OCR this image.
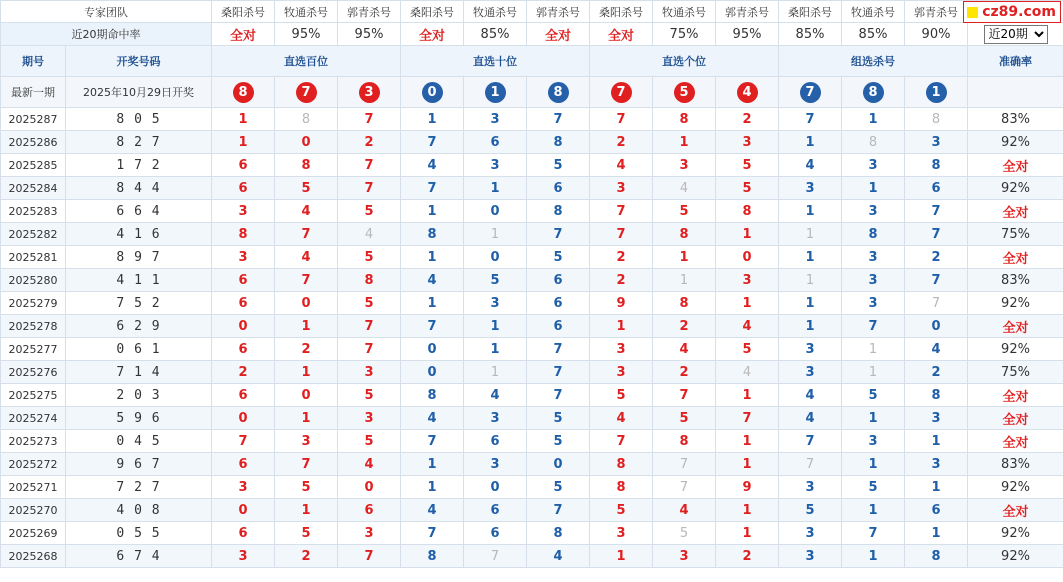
专家团队		桑阳杀号	牧通杀号	郭青杀号	桑阳杀号	牧通杀号	郭青杀号	桑阳杀号	牧通杀号	郭青杀号	桑阳杀号	牧通杀号	郭青杀号	
近20期命中率		全对	95%	95%	全对	85%	全对	全对	75%	95%	85%	85%	90%	
近20期
期号	开奖号码	直选百位			直选十位			直选个位			组选杀号			准确率
最新一期	2025年10月29日开奖	8	7	3	0	1	8	7	5	4	7	8	1	
2025287	8 0 5	1	8	7	1	3	7	7	8	2	7	1	8	83%
2025286	8 2 7	1	0	2	7	6	8	2	1	3	1	8	3	92%
2025285	1 7 2	6	8	7	4	3	5	4	3	5	4	3	8	全对
2025284	8 4 4	6	5	7	7	1	6	3	4	5	3	1	6	92%
2025283	6 6 4	3	4	5	1	0	8	7	5	8	1	3	7	全对
2025282	4 1 6	8	7	4	8	1	7	7	8	1	1	8	7	75%
2025281	8 9 7	3	4	5	1	0	5	2	1	0	1	3	2	全对
2025280	4 1 1	6	7	8	4	5	6	2	1	3	1	3	7	83%
2025279	7 5 2	6	0	5	1	3	6	9	8	1	1	3	7	92%
2025278	6 2 9	0	1	7	7	1	6	1	2	4	1	7	0	全对
2025277	0 6 1	6	2	7	0	1	7	3	4	5	3	1	4	92%
2025276	7 1 4	2	1	3	0	1	7	3	2	4	3	1	2	75%
2025275	2 0 3	6	0	5	8	4	7	5	7	1	4	5	8	全对
2025274	5 9 6	0	1	3	4	3	5	4	5	7	4	1	3	全对
2025273	0 4 5	7	3	5	7	6	5	7	8	1	7	3	1	全对
2025272	9 6 7	6	7	4	1	3	0	8	7	1	7	1	3	83%
2025271	7 2 7	3	5	0	1	0	5	8	7	9	3	5	1	92%
2025270	4 0 8	0	1	6	4	6	7	5	4	1	5	1	6	全对
2025269	0 5 5	6	5	3	7	6	8	3	5	1	3	7	1	92%
2025268	6 7 4	3	2	7	8	7	4	1	3	2	3	1	8	92%
cz89.com
